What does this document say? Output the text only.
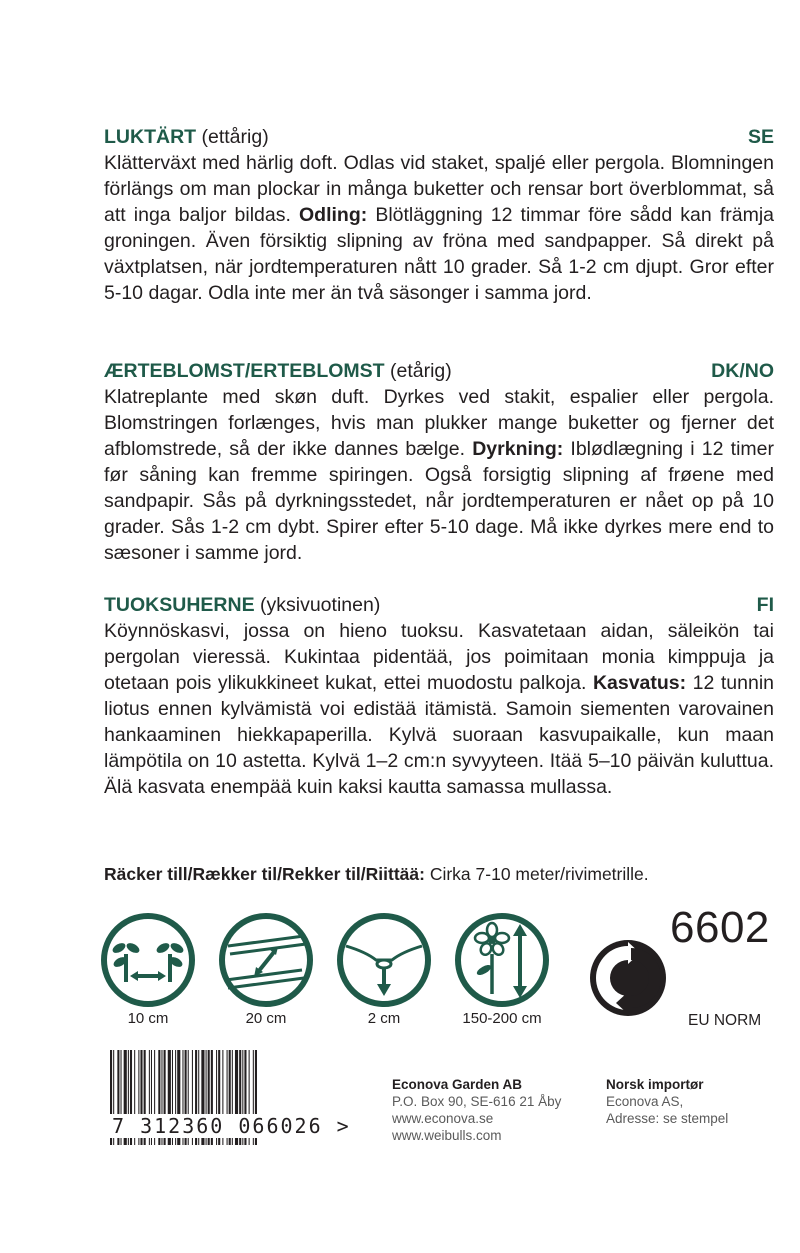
LUKTÄRT (ettårig)	SE

Klätterväxt med härlig doft. Odlas vid staket, spaljé eller pergola. Blomningen förlängs om man plockar in många buketter och rensar bort överblommat, så att inga baljor bildas. Odling: Blötläggning 12 timmar före sådd kan främja groningen. Även försiktig slipning av fröna med sandpapper. Så direkt på växtplatsen, när jordtemperaturen nått 10 grader. Så 1-2 cm djupt. Gror efter 5-10 dagar. Odla inte mer än två säsonger i samma jord.

ÆRTEBLOMST/ERTEBLOMST (etårig)	DK/NO

Klatreplante med skøn duft. Dyrkes ved stakit, espalier eller pergola. Blomstringen forlænges, hvis man plukker mange buketter og fjerner det afblomstrede, så der ikke dannes bælge. Dyrkning: Iblødlægning i 12 timer før såning kan fremme spiringen. Også forsigtig slipning af frøene med sandpapir. Sås på dyrkningsstedet, når jordtemperaturen er nået op på 10 grader. Sås 1-2 cm dybt. Spirer efter 5-10 dage. Må ikke dyrkes mere end to sæsoner i samme jord.

TUOKSUHERNE (yksivuotinen)	FI

Köynnöskasvi, jossa on hieno tuoksu. Kasvatetaan aidan, säleikön tai pergolan vieressä. Kukintaa pidentää, jos poimitaan monia kimppuja ja otetaan pois ylikukkineet kukat, ettei muodostu palkoja. Kasvatus: 12 tunnin liotus ennen kylvämistä voi edistää itämistä. Samoin siementen varovainen hankaaminen hiekkapaperilla. Kylvä suoraan kasvupaikalle, kun maan lämpötila on 10 astetta. Kylvä 1–2 cm:n syvyyteen. Itää 5–10 päivän kuluttua. Älä kasvata enempää kuin kaksi kautta samassa mullassa.

Räcker till/Rækker til/Rekker til/Riittää: Cirka 7-10 meter/rivimetrille.
10 cm	20 cm	2 cm	150-200 cm
6602
EU NORM
7 312360 066026 >
Econova Garden AB
P.O. Box 90, SE-616 21 Åby
www.econova.se
www.weibulls.com
Norsk importør
Econova AS,
Adresse: se stempel
